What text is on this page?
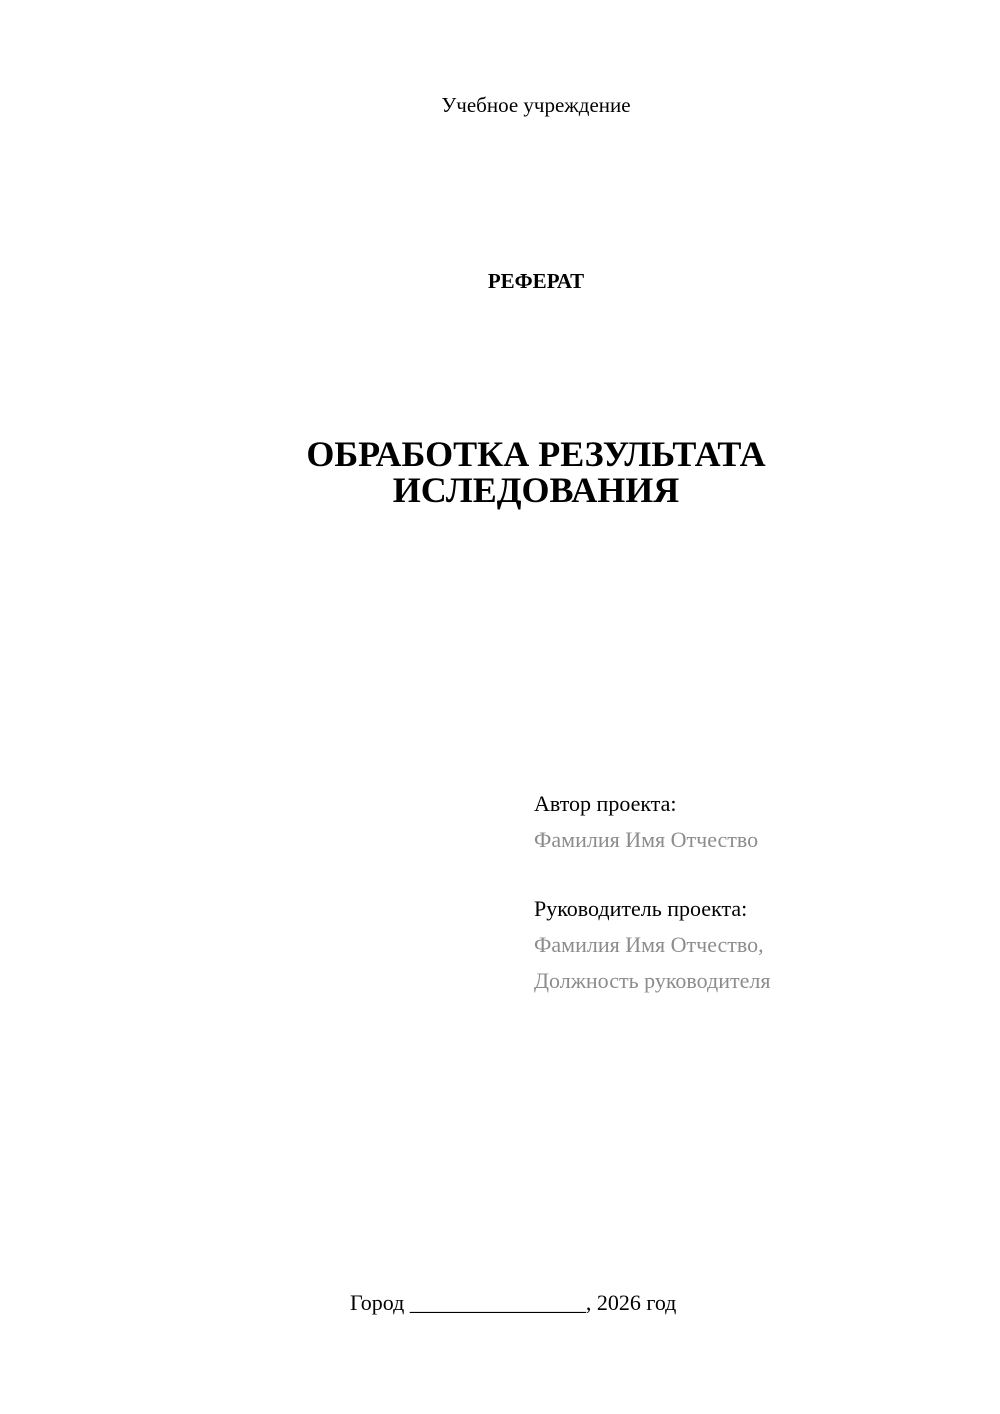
Учебное учреждение
РЕФЕРАТ
ОБРАБОТКА РЕЗУЛЬТАТА
ИСЛЕДОВАНИЯ
Автор проекта:
Фамилия Имя Отчество
Руководитель проекта:
Фамилия Имя Отчество,
Должность руководителя
Город ________________, 2026 год
